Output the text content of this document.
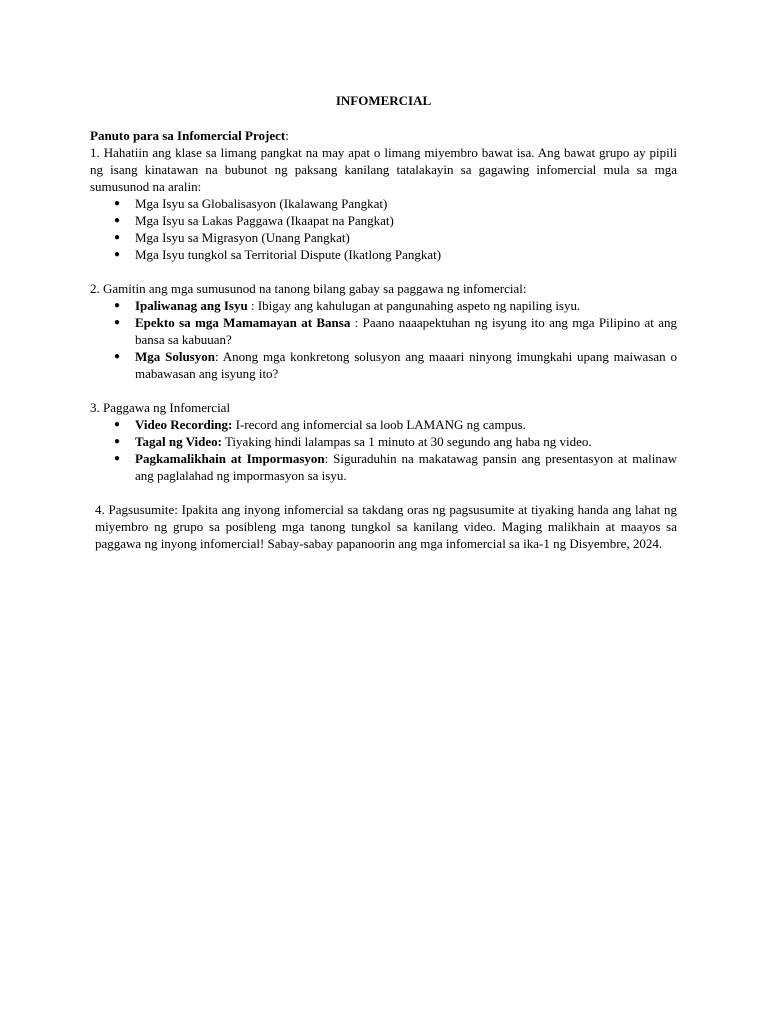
INFOMERCIAL

Panuto para sa Infomercial Project:

1. Hahatiin ang klase sa limang pangkat na may apat o limang miyembro bawat isa. Ang bawat grupo ay pipili ng isang kinatawan na bubunot ng paksang kanilang tatalakayin sa gagawing infomercial mula sa mga sumusunod na aralin:

● Mga Isyu sa Globalisasyon (Ikalawang Pangkat)
● Mga Isyu sa Lakas Paggawa (Ikaapat na Pangkat)
● Mga Isyu sa Migrasyon (Unang Pangkat)
● Mga Isyu tungkol sa Territorial Dispute (Ikatlong Pangkat)

2. Gamitin ang mga sumusunod na tanong bilang gabay sa paggawa ng infomercial:

● Ipaliwanag ang Isyu : Ibigay ang kahulugan at pangunahing aspeto ng napiling isyu.
● Epekto sa mga Mamamayan at Bansa : Paano naaapektuhan ng isyung ito ang mga Pilipino at ang bansa sa kabuuan?
● Mga Solusyon: Anong mga konkretong solusyon ang maaari ninyong imungkahi upang maiwasan o mabawasan ang isyung ito?

3. Paggawa ng Infomercial

● Video Recording: I-record ang infomercial sa loob LAMANG ng campus.
● Tagal ng Video: Tiyaking hindi lalampas sa 1 minuto at 30 segundo ang haba ng video.
● Pagkamalikhain at Impormasyon: Siguraduhin na makatawag pansin ang presentasyon at malinaw ang paglalahad ng impormasyon sa isyu.

4. Pagsusumite: Ipakita ang inyong infomercial sa takdang oras ng pagsusumite at tiyaking handa ang lahat ng miyembro ng grupo sa posibleng mga tanong tungkol sa kanilang video. Maging malikhain at maayos sa paggawa ng inyong infomercial! Sabay-sabay papanoorin ang mga infomercial sa ika-1 ng Disyembre, 2024.
